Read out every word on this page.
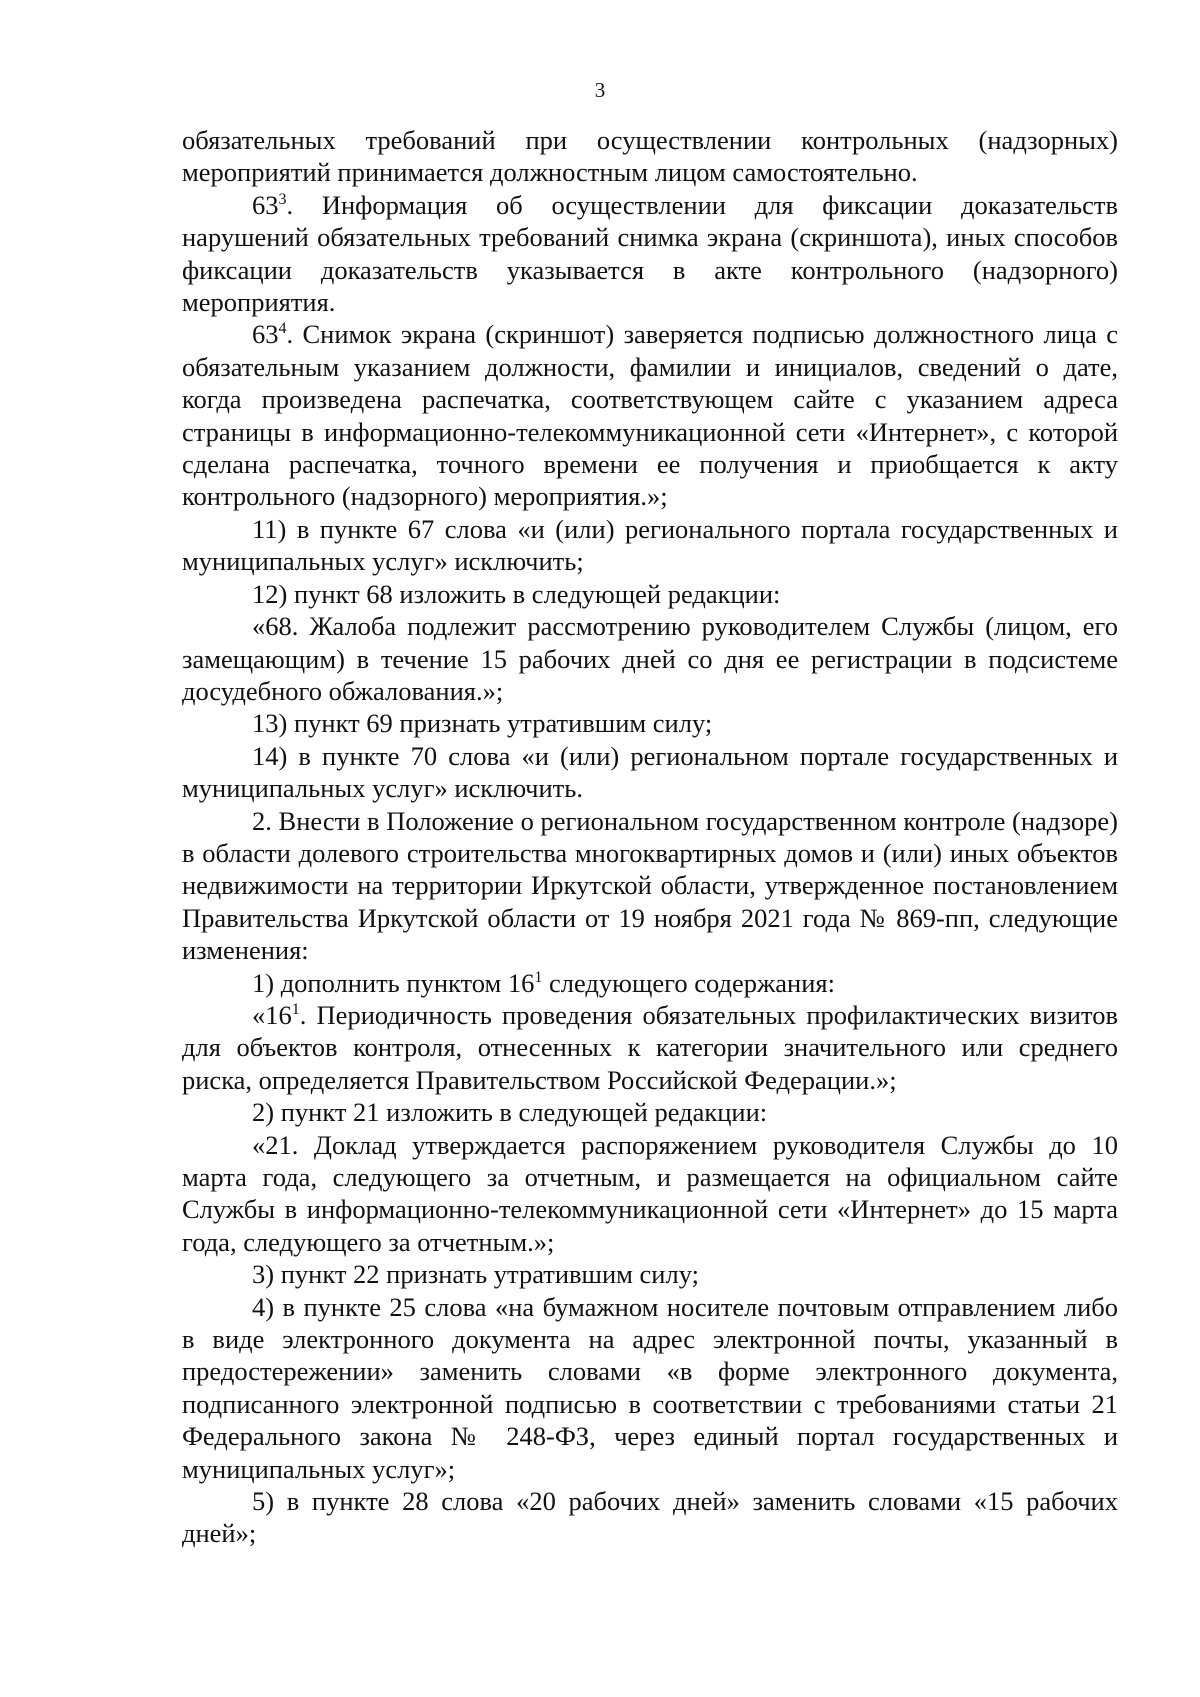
3

обязательных требований при осуществлении контрольных (надзорных) мероприятий принимается должностным лицом самостоятельно.

$63^3$. Информация об осуществлении для фиксации доказательств нарушений обязательных требований снимка экрана (скриншота), иных способов фиксации доказательств указывается в акте контрольного (надзорного) мероприятия.

$63^4$. Снимок экрана (скриншот) заверяется подписью должностного лица с обязательным указанием должности, фамилии и инициалов, сведений о дате, когда произведена распечатка, соответствующем сайте с указанием адреса страницы в информационно-телекоммуникационной сети «Интернет», с которой сделана распечатка, точного времени ее получения и приобщается к акту контрольного (надзорного) мероприятия.»;

11) в пункте 67 слова «и (или) регионального портала государственных и муниципальных услуг» исключить;

12) пункт 68 изложить в следующей редакции:

«68. Жалоба подлежит рассмотрению руководителем Службы (лицом, его замещающим) в течение 15 рабочих дней со дня ее регистрации в подсистеме досудебного обжалования.»;

13) пункт 69 признать утратившим силу;

14) в пункте 70 слова «и (или) региональном портале государственных и муниципальных услуг» исключить.

2. Внести в Положение о региональном государственном контроле (надзоре) в области долевого строительства многоквартирных домов и (или) иных объектов недвижимости на территории Иркутской области, утвержденное постановлением Правительства Иркутской области от 19 ноября 2021 года № 869-пп, следующие изменения:

1) дополнить пунктом $16^1$ следующего содержания:

«$16^1$. Периодичность проведения обязательных профилактических визитов для объектов контроля, отнесенных к категории значительного или среднего риска, определяется Правительством Российской Федерации.»;

2) пункт 21 изложить в следующей редакции:

«21. Доклад утверждается распоряжением руководителя Службы до 10 марта года, следующего за отчетным, и размещается на официальном сайте Службы в информационно-телекоммуникационной сети «Интернет» до 15 марта года, следующего за отчетным.»;

3) пункт 22 признать утратившим силу;

4) в пункте 25 слова «на бумажном носителе почтовым отправлением либо в виде электронного документа на адрес электронной почты, указанный в предостережении» заменить словами «в форме электронного документа, подписанного электронной подписью в соответствии с требованиями статьи 21 Федерального закона № 248-ФЗ, через единый портал государственных и муниципальных услуг»;

5) в пункте 28 слова «20 рабочих дней» заменить словами «15 рабочих дней»;
